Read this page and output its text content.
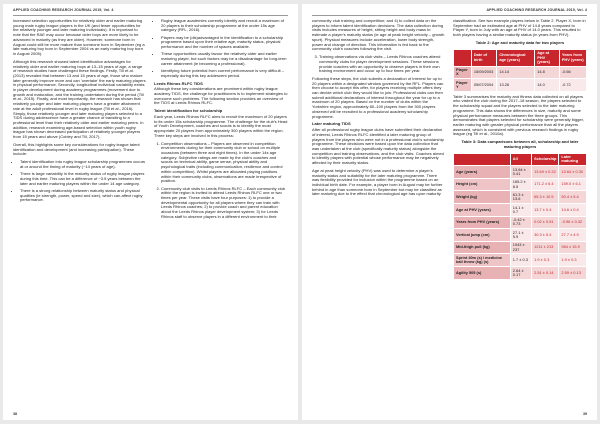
APPLIED COACHING RESEARCH JOURNAL 2019, Vol. 4

increased selection opportunities for relatively older and earlier maturing young male rugby league players in the UK (and fewer opportunities for the relatively younger and later maturing individuals). It is important to note that the RAE may occur because older boys are more likely to be advanced in maturity (as they are older). However, someone born in August could still be more mature than someone born in September (eg a late maturing boy born in September 2004 vs an early maturing boy born in August 2005).

Although this research showed talent identification advantages for relatively older and earlier maturing boys at 13–15 years of age, a range of research studies have challenged these findings. Firstly, Till et al. (2013) revealed that between 13 and 15 years of age, those who mature later generally improve more and can 'overtake' the early maturing players in physical performance. Secondly, longitudinal individual variability exists in player development during academy programmes (movement due to growth and maturation, and the training undertaken during the period (Till et al., 2015). Finally, and most importantly, the research has shown that relatively younger and later maturing players have a greater attainment rate at the adult professional level in rugby league (Till et al., 2016). Simply, those relatively younger and later maturing players selected to a TIDS during adolescence have a greater chance of transiting to a professional level than their relatively older and earlier maturing peers. In addition, research examining age-based selection within youth rugby league has shown decreased participation of relatively younger players from 15 years and above (Cobley and Till, 2017).

Overall, this highlights some key considerations for rugby league talent identification and development (and increasing participation). These include:

• Talent identification into rugby league scholarship programmes occurs at or around the timing of maturity (~14 years of age).
• There is large variability in the maturity status of rugby league players during this time. This can be a difference of ~3.5 years between the later and earlier maturing players within the under 14 age category.
• There is a strong relationship between maturity status and physical qualities (ie strength, power, speed and size), which can affect rugby performance.
• Rugby league academies currently identify and recruit a maximum of 20 players to their scholarship programme at the under 15s age category (RFL, 2016).
• Players may be (dis)advantaged in the identification to a scholarship programme based upon their relative age, maturity status, physical performance and the number of spaces available.
• These opportunities usually favour the relatively older and earlier maturing player, but such factors may be a disadvantage for long-term career attainment (ie becoming a professional).
• Identifying future potential from current performance is very difficult – especially during this key adolescent period.
Leeds Rhinos RLFC TIDS

Although these key considerations are prominent within rugby league academy TIDS, the challenge for practitioners is to implement strategies to overcome such problems. The following section provides an overview of the TIDS at Leeds Rhinos RLFC.

Talent identification for scholarship

Each year, Leeds Rhinos RLFC aims to recruit the maximum of 20 players to its under 15s scholarship programme. The challenge for the club's Head of Youth Development, coaches and scouts is to identify the most appropriate 20 players from approximately 300 players within the region. Three key steps are involved in this process:

1. Competition observations – Players are observed in competition environments during for their community club or school on multiple occasions (between three and eight times). In the under 14s age category. Subjective ratings are made by the club's coaches and scouts on technical ability, game sense, physical ability and psychological traits (including communication, resilience and control within competition). Whilst players are allocated playing positions within their community clubs, observations are made irrespective of position.
2. Community club visits to Leeds Rhinos RLFC – Each community club within the region is invited to attend Leeds Rhinos RLFC one or two times per year. These visits have four purposes: 1) to provide a developmental opportunity for all players where they can train with Leeds Rhinos coaches; 2) to provide coach and parent education about the Leeds Rhinos player development system; 3) for Leeds Rhinos staff to observe players in a different environment to their
38
APPLIED COACHING RESEARCH JOURNAL 2019, Vol. 4

community club training and competition; and 4) to collect data on the players to inform talent identification decisions. The data collection during visits includes measures of height, sitting height and body mass to estimate a player's maturity status (ie age at peak height velocity – growth spurt). Physical measures include acceleration, lower body strength, power and change of direction. This information is fed back to the community club's coaches following the visit.

3. Training observations via club visits – Leeds Rhinos coaches attend community clubs for player development sessions. These sessions provide coaches with an opportunity to observe players in their own training environment and occur up to four times per year.

Following these steps, the club submits a declaration of interest for up to 20 players within a designated window governed by the RFL. Players can then choose to accept this offer, for players receiving multiple offers they can decide which club they would like to join. Professional clubs can then submit additional declarations of interest throughout the year for up to a maximum of 20 players. Based on the number of clubs within the Yorkshire region, approximately 80–100 players from the 300 players observed will be recruited to a professional academy scholarship programme.

Later maturing TIDS

After all professional rugby league clubs have submitted their declaration of interest, Leeds Rhinos RLFC identified a later maturing group of players from the players who were not in a professional club's scholarship programme. These decisions were based upon the data collection that was undertaken at the club (specifically maturity status) alongside the competition and training observations, and the club visits. Coaches aimed to identify players with potential whose performance may be negatively affected by their maturity status.

Age at peak height velocity (PHV) was used to determine a player's maturity status and suitability for the later maturing programme. There was flexibility provided for inclusion within the programme based on an individual birth date. For example, a player born in August may be further behind in age than someone born in September but may be classified as later maturing due to the effect that chronological age has upon maturity

classification. See two example players below in Table 2. Player X, born in September had an estimated age at PHV of 14.8 years compared to Player Y, born in July with an age at PHV of 14.0 years. This resulted in both players having a similar maturity status (in years from PHV).

Table 2: Age and maturity data for two players
	Date of birth	Chronological age (years)	Age at PHV (years)	Years from PHV (years)
Player X	15/09/2003	14.14	14.8	-0.66
Player Y	05/07/2004	13.26	14.0	-0.72

Table 3 summarises the maturity and fitness data collected on all players who visited the club during the 2017–18 season, the players selected to the scholarship squad and the players selected to the later maturing programme. This data shows the differences in size, maturity and some physical performance measures between the three groups. This demonstrates that players selected for scholarship were generally bigger, earlier maturing with greater physical performance than all the players assessed, which is consistent with previous research findings in rugby league (eg Till et al., 2010a).

Table 3: Data comparisons between all, scholarship and later maturing players
	All	Scholarship	Later maturing
Age (years)	13.64 ± 0.41	13.69 ± 0.32	13.64 ± 0.30
Height (cm)	165.2 ± 8.5	171.2 ± 6.4	159.0 ± 6.1
Weight (kg)	61.3 ± 13.6	65.3 ± 10.5	50.4 ± 5.4
Age at PHV (years)	14.1 ± 0.7	13.7 ± 0.4	14.6 ± 0.4
Years from PHV (years)	-0.42 ± 0.73	0.02 ± 0.51	-0.96 ± 0.32
Vertical jump (cm)	27.1 ± 5.9	30.3 ± 5.4	27.7 ± 4.9
Mid-thigh pull (kg)	1043 ± 237	1211 ± 213	964 ± 15.9
Sprint 40m (s) / medicine ball throw (kg) (s)	1.7 ± 0.3	1.9 ± 0.3	1.9 ± 0.3
Agility 505 (s)	2.64 ± 0.17	2.51 ± 0.14	2.59 ± 0.13
39
